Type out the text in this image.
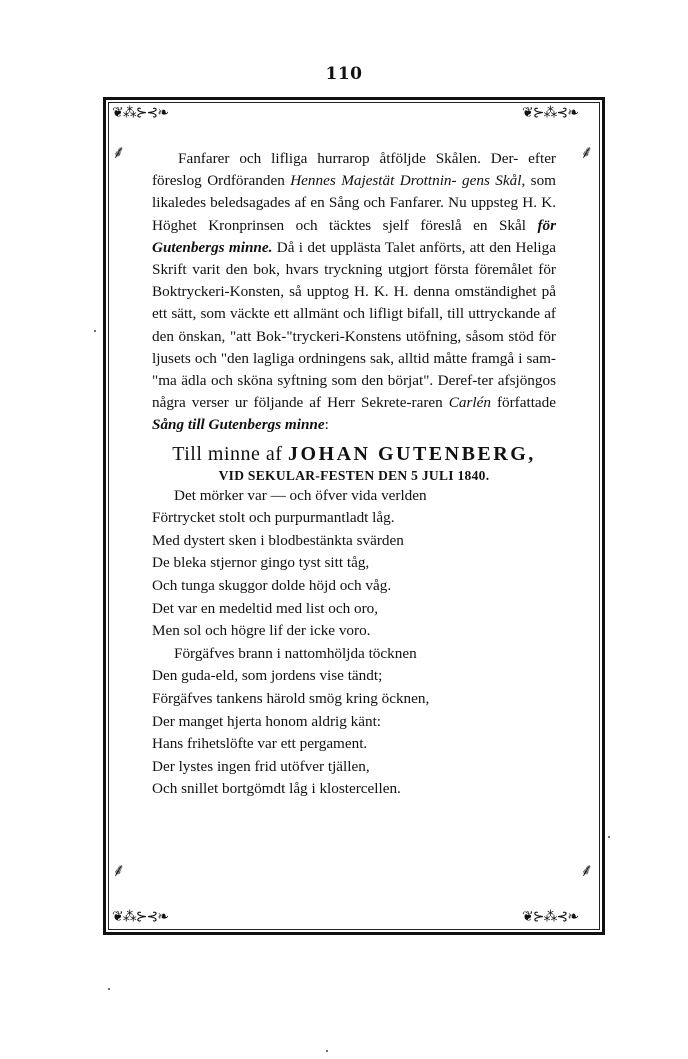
110
❦⁂⊱⊰❧	❦⊱⁂⊰❧
❦⁂⊱⊰❧	❦⊱⁂⊰❧
⸙	⸙
⸙	⸙

Fanfarer och lifliga hurrarop åtföljde Skålen. Der- efter föreslog Ordföranden Hennes Majestät Drottnin- gens Skål, som likaledes beledsagades af en Sång och Fanfarer. Nu uppsteg H. K. Höghet Kronprinsen och täcktes sjelf föreslå en Skål för Gutenbergs minne. Då i det upplästa Talet anförts, att den Heliga Skrift varit den bok, hvars tryckning utgjort första föremålet för Boktryckeri-Konsten, så upptog H. K. H. denna omständighet på ett sätt, som väckte ett allmänt och lifligt bifall, till uttryckande af den önskan, "att Bok-"tryckeri-Konstens utöfning, såsom stöd för ljusets och "den lagliga ordningens sak, alltid måtte framgå i sam-"ma ädla och sköna syftning som den börjat". Deref-ter afsjöngos några verser ur följande af Herr Sekrete-raren Carlén författade Sång till Gutenbergs minne:

Till minne af JOHAN GUTENBERG,
VID SEKULAR-FESTEN DEN 5 JULI 1840.
Det mörker var — och öfver vida verlden
Förtrycket stolt och purpurmantladt låg.
Med dystert sken i blodbestänkta svärden
De bleka stjernor gingo tyst sitt tåg,
Och tunga skuggor dolde höjd och våg.
Det var en medeltid med list och oro,
Men sol och högre lif der icke voro.
Förgäfves brann i nattomhöljda töcknen
Den guda-eld, som jordens vise tändt;
Förgäfves tankens härold smög kring öcknen,
Der manget hjerta honom aldrig känt:
Hans frihetslöfte var ett pergament.
Der lystes ingen frid utöfver tjällen,
Och snillet bortgömdt låg i klostercellen.
